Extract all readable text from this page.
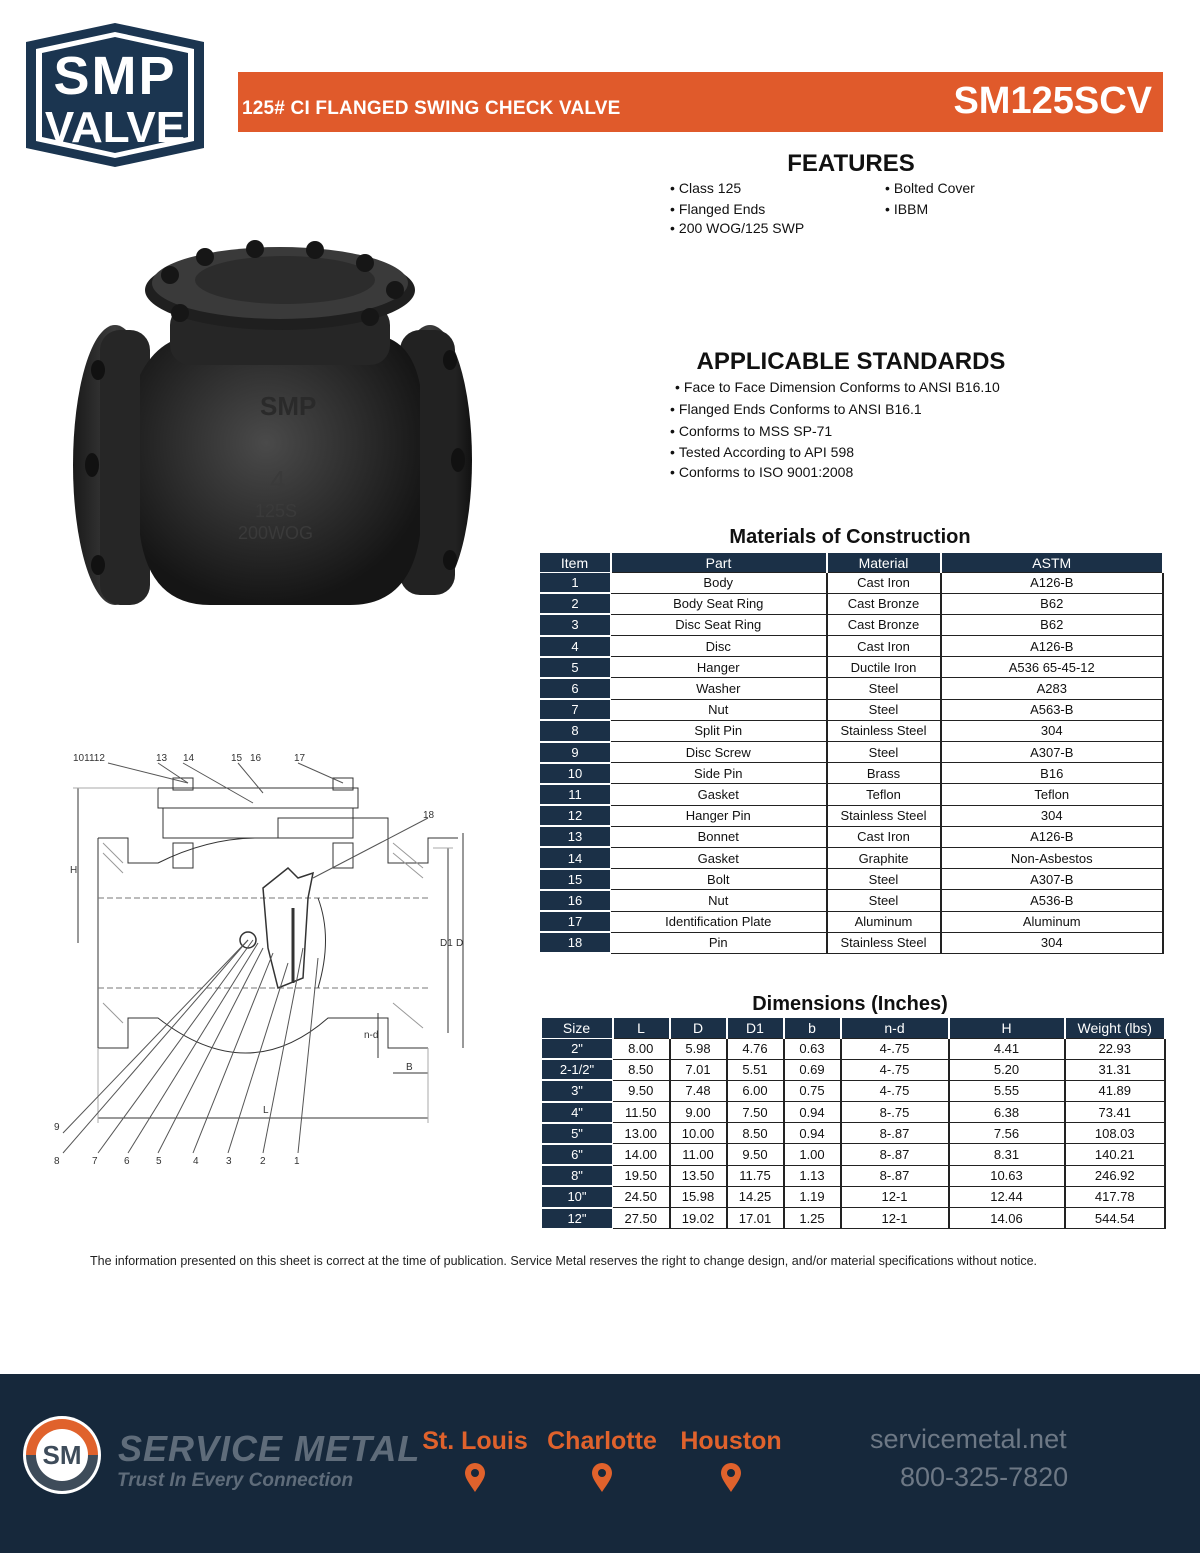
SMP
VALVE	125# CI FLANGED SWING CHECK VALVE	SM125SCV
FEATURES
• Class 125
• Flanged Ends
• 200 WOG/125 SWP
• Bolted Cover
• IBBM
APPLICABLE STANDARDS
• Face to Face Dimension Conforms to ANSI B16.10
• Flanged Ends Conforms to ANSI B16.1
• Conforms to MSS SP-71
• Tested According to API 598
• Conforms to ISO 9001:2008
SMP
4
125S
200WOG
101112	13 14	15 16	17
18
9
8	7	6	5	4	3	2	1
H
D1 D
n-d
B
L
Materials of Construction
Item	Part	Material	ASTM
1	Body	Cast Iron	A126-B
2	Body Seat Ring	Cast Bronze	B62
3	Disc Seat Ring	Cast Bronze	B62
4	Disc	Cast Iron	A126-B
5	Hanger	Ductile Iron	A536 65-45-12
6	Washer	Steel	A283
7	Nut	Steel	A563-B
8	Split Pin	Stainless Steel	304
9	Disc Screw	Steel	A307-B
10	Side Pin	Brass	B16
11	Gasket	Teflon	Teflon
12	Hanger Pin	Stainless Steel	304
13	Bonnet	Cast Iron	A126-B
14	Gasket	Graphite	Non-Asbestos
15	Bolt	Steel	A307-B
16	Nut	Steel	A536-B
17	Identification Plate	Aluminum	Aluminum
18	Pin	Stainless Steel	304
Dimensions (Inches)
Size	L	D	D1	b	n-d	H	Weight (lbs)
2"	8.00	5.98	4.76	0.63	4-.75	4.41	22.93
2-1/2"	8.50	7.01	5.51	0.69	4-.75	5.20	31.31
3"	9.50	7.48	6.00	0.75	4-.75	5.55	41.89
4"	11.50	9.00	7.50	0.94	8-.75	6.38	73.41
5"	13.00	10.00	8.50	0.94	8-.87	7.56	108.03
6"	14.00	11.00	9.50	1.00	8-.87	8.31	140.21
8"	19.50	13.50	11.75	1.13	8-.87	10.63	246.92
10"	24.50	15.98	14.25	1.19	12-1	12.44	417.78
12"	27.50	19.02	17.01	1.25	12-1	14.06	544.54
The information presented on this sheet is correct at the time of publication. Service Metal reserves the right to change design, and/or material specifications without notice.
SM SERVICE METAL
Trust In Every Connection
St. Louis Charlotte Houston	servicemetal.net
800-325-7820
